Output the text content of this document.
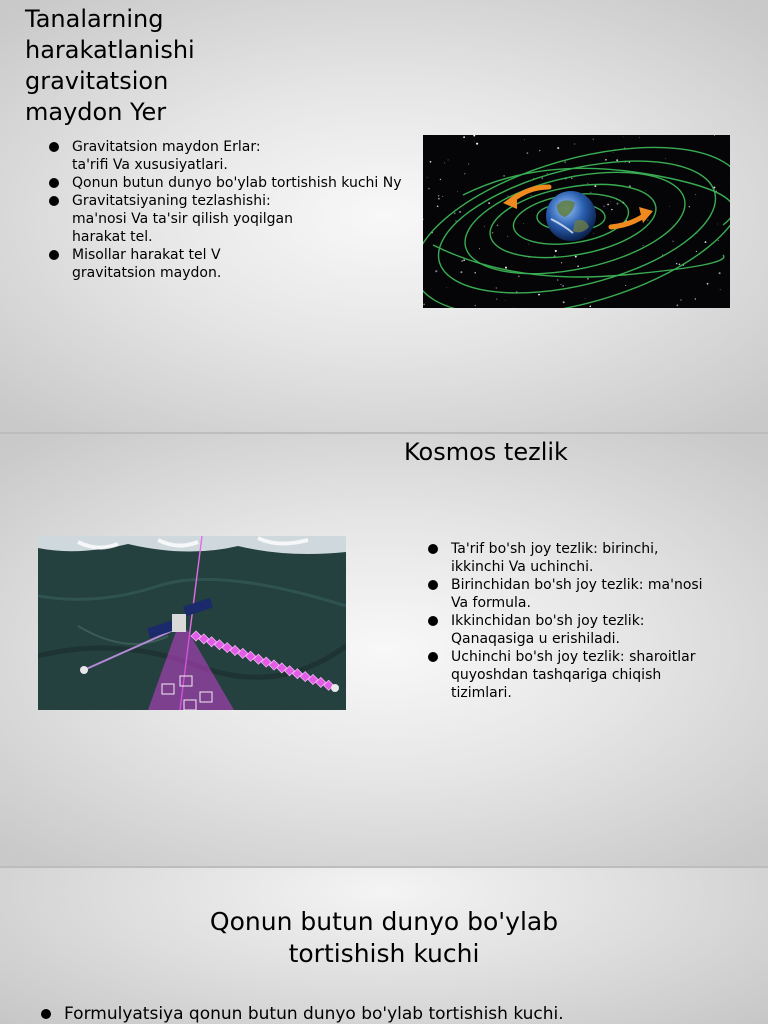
Tanalarning
harakatlanishi
gravitatsion
maydon Yer
Gravitatsion maydon Erlar:
ta'rifi Va xususiyatlari.
Qonun butun dunyo bo'ylab tortishish kuchi Ny
Gravitatsiyaning tezlashishi:
ma'nosi Va ta'sir qilish yoqilgan
harakat tel.
Misollar harakat tel V
gravitatsion maydon.
Kosmos tezlik
Ta'rif bo'sh joy tezlik: birinchi,
ikkinchi Va uchinchi.
Birinchidan bo'sh joy tezlik: ma'nosi
Va formula.
Ikkinchidan bo'sh joy tezlik:
Qanaqasiga u erishiladi.
Uchinchi bo'sh joy tezlik: sharoitlar
quyoshdan tashqariga chiqish
tizimlari.
Qonun butun dunyo bo'ylab
tortishish kuchi
Formulyatsiya qonun butun dunyo bo'ylab tortishish kuchi.
